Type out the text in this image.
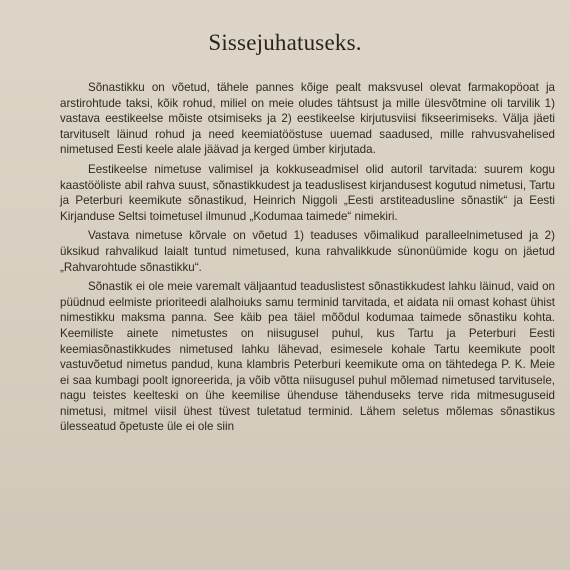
Sissejuhatuseks.

Sõnastikku on võetud, tähele pannes kõige pealt maksvusel olevat farmakopöoat ja arstirohtude taksi, kõik rohud, miliel on meie oludes tähtsust ja mille ülesvõtmine oli tarvilik 1) vastava eestikeelse mõiste otsimiseks ja 2) eestikeelse kirjutusviisi fikseerimiseks. Välja jäeti tarvituselt läinud rohud ja need keemiatööstuse uuemad saadused, mille rahvusvahelised nimetused Eesti keele alale jäävad ja kerged ümber kirjutada.

Eestikeelse nimetuse valimisel ja kokkuseadmisel olid autoril tarvitada: suurem kogu kaastööliste abil rahva suust, sõnastikkudest ja teaduslisest kirjandusest kogutud nimetusi, Tartu ja Peterburi keemikute sõnastikud, Heinrich Niggoli „Eesti arstiteadusline sõnastik“ ja Eesti Kirjanduse Seltsi toimetusel ilmunud „Kodumaa taimede“ nimekiri.

Vastava nimetuse kõrvale on võetud 1) teaduses võimalikud paralleelnimetused ja 2) üksikud rahvalikud laialt tuntud nimetused, kuna rahvalikkude sünonüümide kogu on jäetud „Rahvarohtude sõnastikku“.

Sõnastik ei ole meie varemalt väljaantud teaduslistest sõnastikkudest lahku läinud, vaid on püüdnud eelmiste prioriteedi alalhoiuks samu terminid tarvitada, et aidata nii omast kohast ühist nimestikku maksma panna. See käib pea täiel mõõdul kodumaa taimede sõnastiku kohta. Keemiliste ainete nimetustes on niisugusel puhul, kus Tartu ja Peterburi Eesti keemiasõnastikkudes nimetused lahku lähevad, esimesele kohale Tartu keemikute poolt vastuvõetud nimetus pandud, kuna klambris Peterburi keemikute oma on tähtedega P. K. Meie ei saa kumbagi poolt ignoreerida, ja võib võtta niisugusel puhul mõlemad nimetused tarvitusele, nagu teistes keelteski on ühe keemilise ühenduse tähenduseks terve rida mitmesuguseid nimetusi, mitmel viisil ühest tüvest tuletatud terminid. Lähem seletus mõlemas sõnastikus ülesseatud õpetuste üle ei ole siin
